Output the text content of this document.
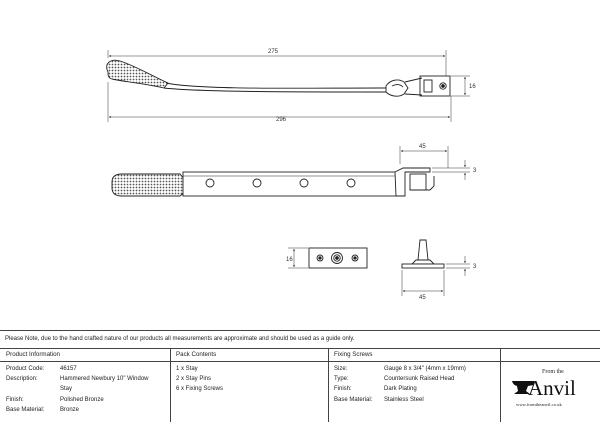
275
296
16
45
3
16
3
45
Please Note, due to the hand crafted nature of our products all measurements are approximate and should be used as a guide only.
Product Information
Product Code:	46157
Description:	Hammered Newbury 10" Window
Stay
Finish:	Polished Bronze
Base Material:	Bronze
Pack Contents
1 x Stay
2 x Stay Pins
6 x Fixing Screws
Fixing Screws
Size:	Gauge 8 x 3/4" (4mm x 19mm)
Type:	Countersunk Raised Head
Finish:	Dark Plating
Base Material: Stainless Steel
From the
Anvil
www.fromtheanvil.co.uk
